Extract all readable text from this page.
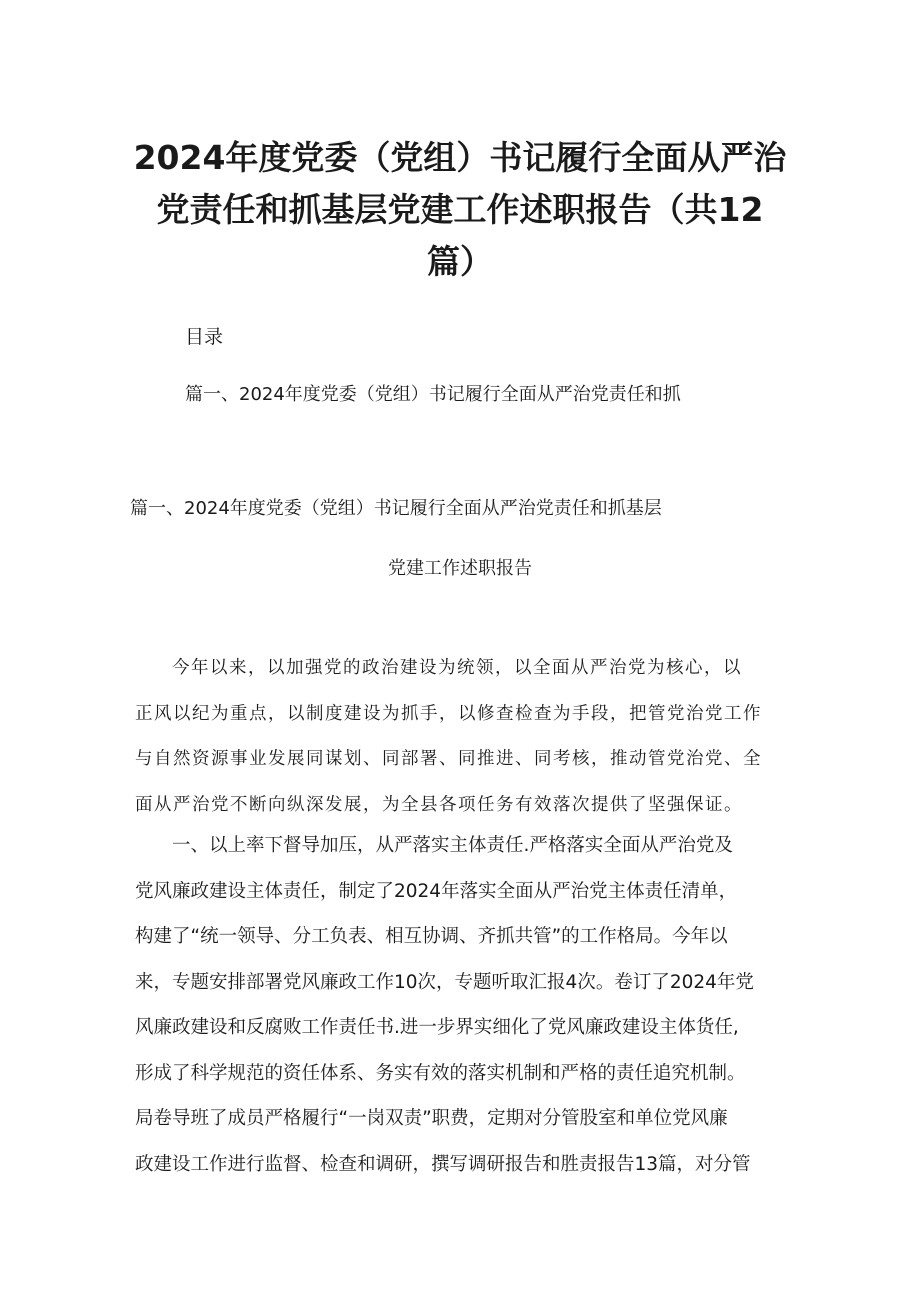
2024年度党委（党组）书记履行全面从严治
党责任和抓基层党建工作述职报告（共12
篇）
目录
篇一、2024年度党委（党组）书记履行全面从严治党责任和抓
篇一、2024年度党委（党组）书记履行全面从严治党责任和抓基层
党建工作述职报告
今年以来，以加强党的政治建设为统领，以全面从严治党为核心，以
正风以纪为重点，以制度建设为抓手，以修查检查为手段，把管党治党工作
与自然资源事业发展同谋划、同部署、同推进、同考核，推动管党治党、全
面从严治党不断向纵深发展，为全县各项任务有效落次提供了坚强保证。
一、以上率下督导加压，从严落实主体责任.严格落实全面从严治党及
党风廉政建设主体责任，制定了2024年落实全面从严治党主体责任清单，
构建了“统一领导、分工负表、相互协调、齐抓共管”的工作格局。今年以
来，专题安排部署党风廉政工作10次，专题听取汇报4次。卷订了2024年党
风廉政建设和反腐败工作责任书.进一步界实细化了党风廉政建设主体货任,
形成了科学规范的资任体系、务实有效的落实机制和严格的责任追究机制。
局卷导班了成员严格履行“一岗双责”职费，定期对分管股室和单位党风廉
政建设工作进行监督、检查和调研，撰写调研报告和胜责报告13篇，对分管
